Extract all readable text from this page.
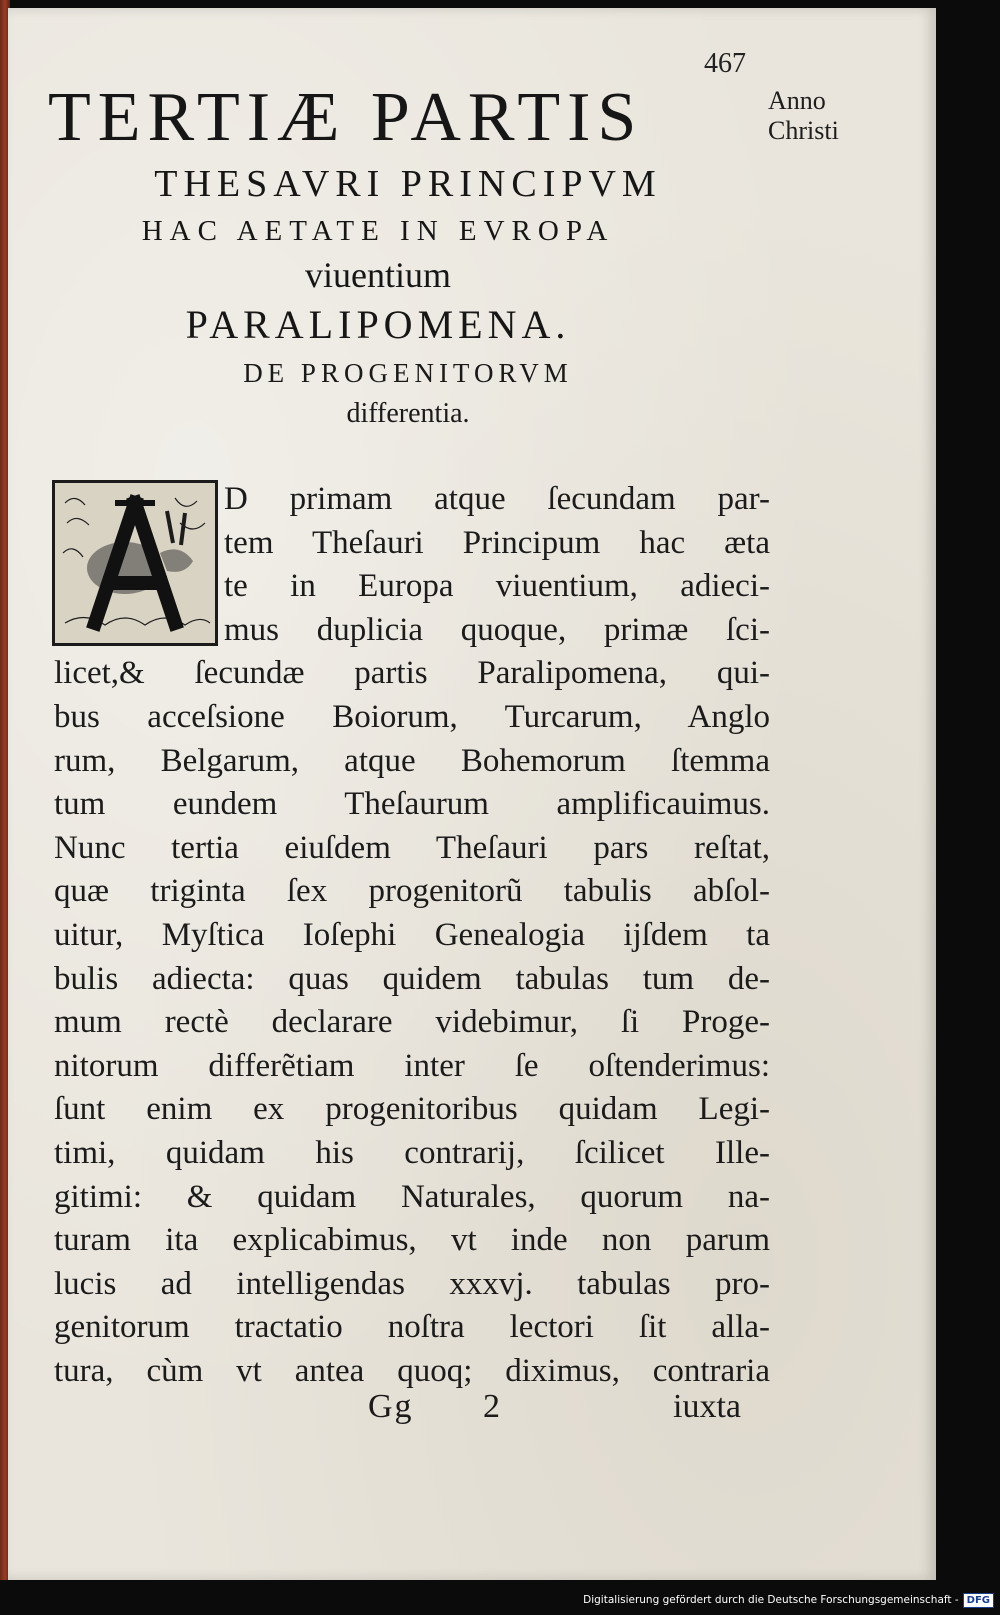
467
Anno
Christi
TERTIÆ PARTIS
THESAVRI PRINCIPVM
HAC AETATE IN EVROPA
viuentium
PARALIPOMENA.
DE PROGENITORVM
differentia.
D primam atque ſecundam par-
tem Theſauri Principum hac æta
te in Europa viuentium, adieci-
mus duplicia quoque, primæ ſci-
licet,& ſecundæ partis Paralipomena, qui-
bus acceſsione Boiorum, Turcarum, Anglo
rum, Belgarum, atque Bohemorum ſtemma
tum eundem Theſaurum amplificauimus.
Nunc tertia eiuſdem Theſauri pars reſtat,
quæ triginta ſex progenitorũ tabulis abſol-
uitur, Myſtica Ioſephi Genealogia ijſdem ta
bulis adiecta: quas quidem tabulas tum de-
mum rectè declarare videbimur, ſi Proge-
nitorum differẽtiam inter ſe oſtenderimus:
ſunt enim ex progenitoribus quidam Legi-
timi, quidam his contrarij, ſcilicet Ille-
gitimi: & quidam Naturales, quorum na-
turam ita explicabimus, vt inde non parum
lucis ad intelligendas xxxvj. tabulas pro-
genitorum tractatio noſtra lectori ſit alla-
tura, cùm vt antea quoq; diximus, contraria
Gg 2	iuxta
Digitalisierung gefördert durch die Deutsche Forschungsgemeinschaft - DFG
